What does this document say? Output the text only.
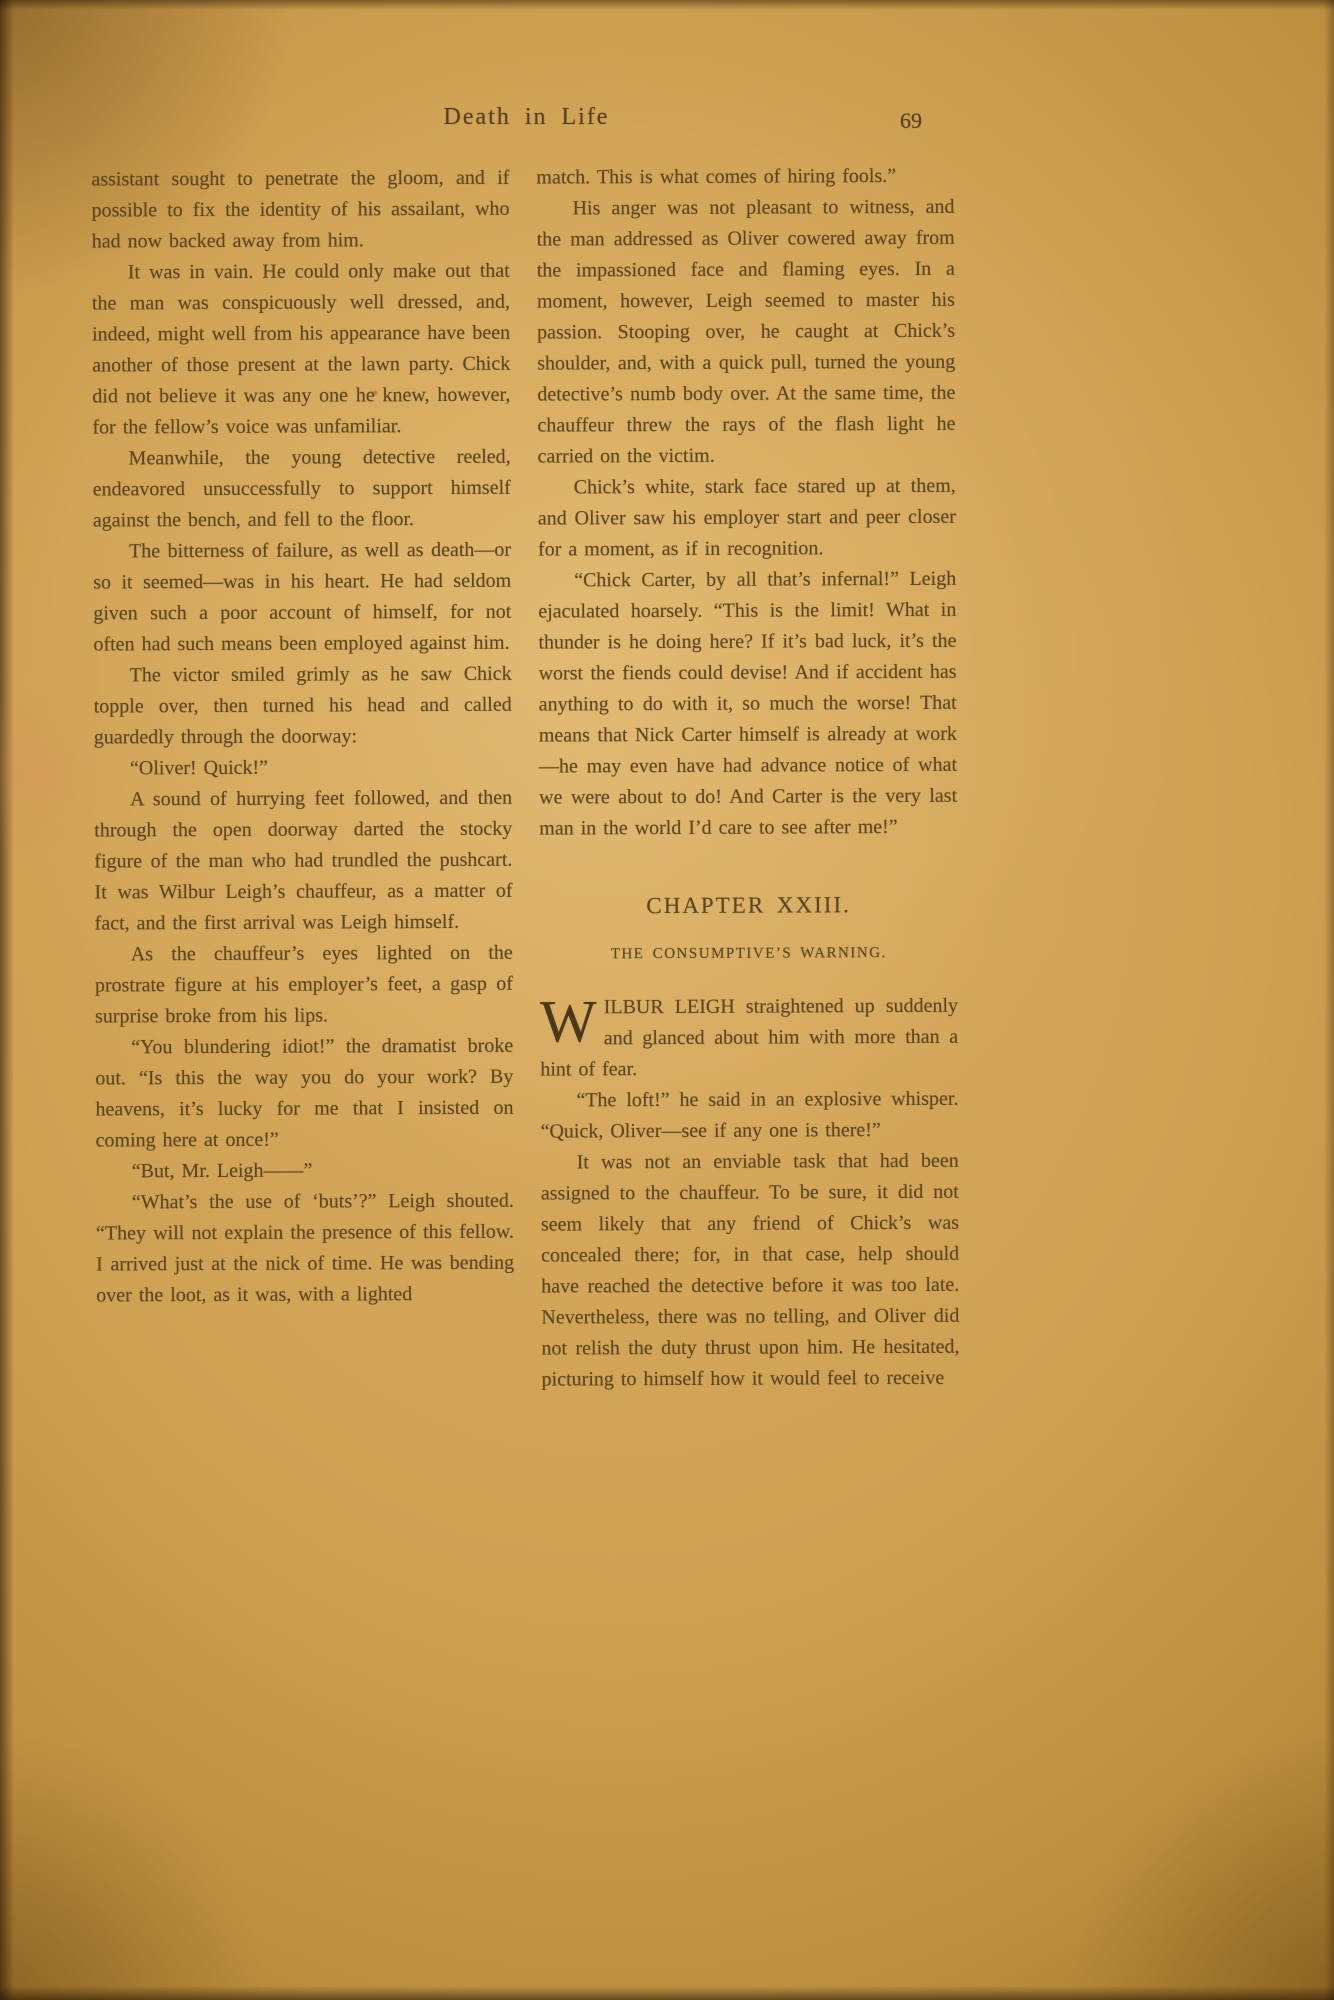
Death in Life	69

assistant sought to penetrate the gloom, and if possible to fix the identity of his assailant, who had now backed away from him.

It was in vain. He could only make out that the man was conspicuously well dressed, and, indeed, might well from his appearance have been another of those present at the lawn party. Chick did not believe it was any one he knew, however, for the fellow’s voice was unfamiliar.

Meanwhile, the young detective reeled, endeavored unsuccessfully to support himself against the bench, and fell to the floor.

The bitterness of failure, as well as death—or so it seemed—was in his heart. He had seldom given such a poor account of himself, for not often had such means been employed against him.

The victor smiled grimly as he saw Chick topple over, then turned his head and called guardedly through the doorway:

“Oliver! Quick!”

A sound of hurrying feet followed, and then through the open doorway darted the stocky figure of the man who had trundled the pushcart. It was Wilbur Leigh’s chauffeur, as a matter of fact, and the first arrival was Leigh himself.

As the chauffeur’s eyes lighted on the prostrate figure at his employer’s feet, a gasp of surprise broke from his lips.

“You blundering idiot!” the dramatist broke out. “Is this the way you do your work? By heavens, it’s lucky for me that I insisted on coming here at once!”

“But, Mr. Leigh——”

“What’s the use of ‘buts’?” Leigh shouted. “They will not explain the presence of this fellow. I arrived just at the nick of time. He was bending over the loot, as it was, with a lighted

match. This is what comes of hiring fools.”

His anger was not pleasant to witness, and the man addressed as Oliver cowered away from the impassioned face and flaming eyes. In a moment, however, Leigh seemed to master his passion. Stooping over, he caught at Chick’s shoulder, and, with a quick pull, turned the young detective’s numb body over. At the same time, the chauffeur threw the rays of the flash light he carried on the victim.

Chick’s white, stark face stared up at them, and Oliver saw his employer start and peer closer for a moment, as if in recognition.

“Chick Carter, by all that’s infernal!” Leigh ejaculated hoarsely. “This is the limit! What in thunder is he doing here? If it’s bad luck, it’s the worst the fiends could devise! And if accident has anything to do with it, so much the worse! That means that Nick Carter himself is already at work—he may even have had advance notice of what we were about to do! And Carter is the very last man in the world I’d care to see after me!”

CHAPTER XXIII.
THE CONSUMPTIVE’S WARNING.

WILBUR LEIGH straightened up suddenly and glanced about him with more than a hint of fear.

“The loft!” he said in an explosive whisper. “Quick, Oliver—see if any one is there!”

It was not an enviable task that had been assigned to the chauffeur. To be sure, it did not seem likely that any friend of Chick’s was concealed there; for, in that case, help should have reached the detective before it was too late. Nevertheless, there was no telling, and Oliver did not relish the duty thrust upon him. He hesitated, picturing to himself how it would feel to receive
